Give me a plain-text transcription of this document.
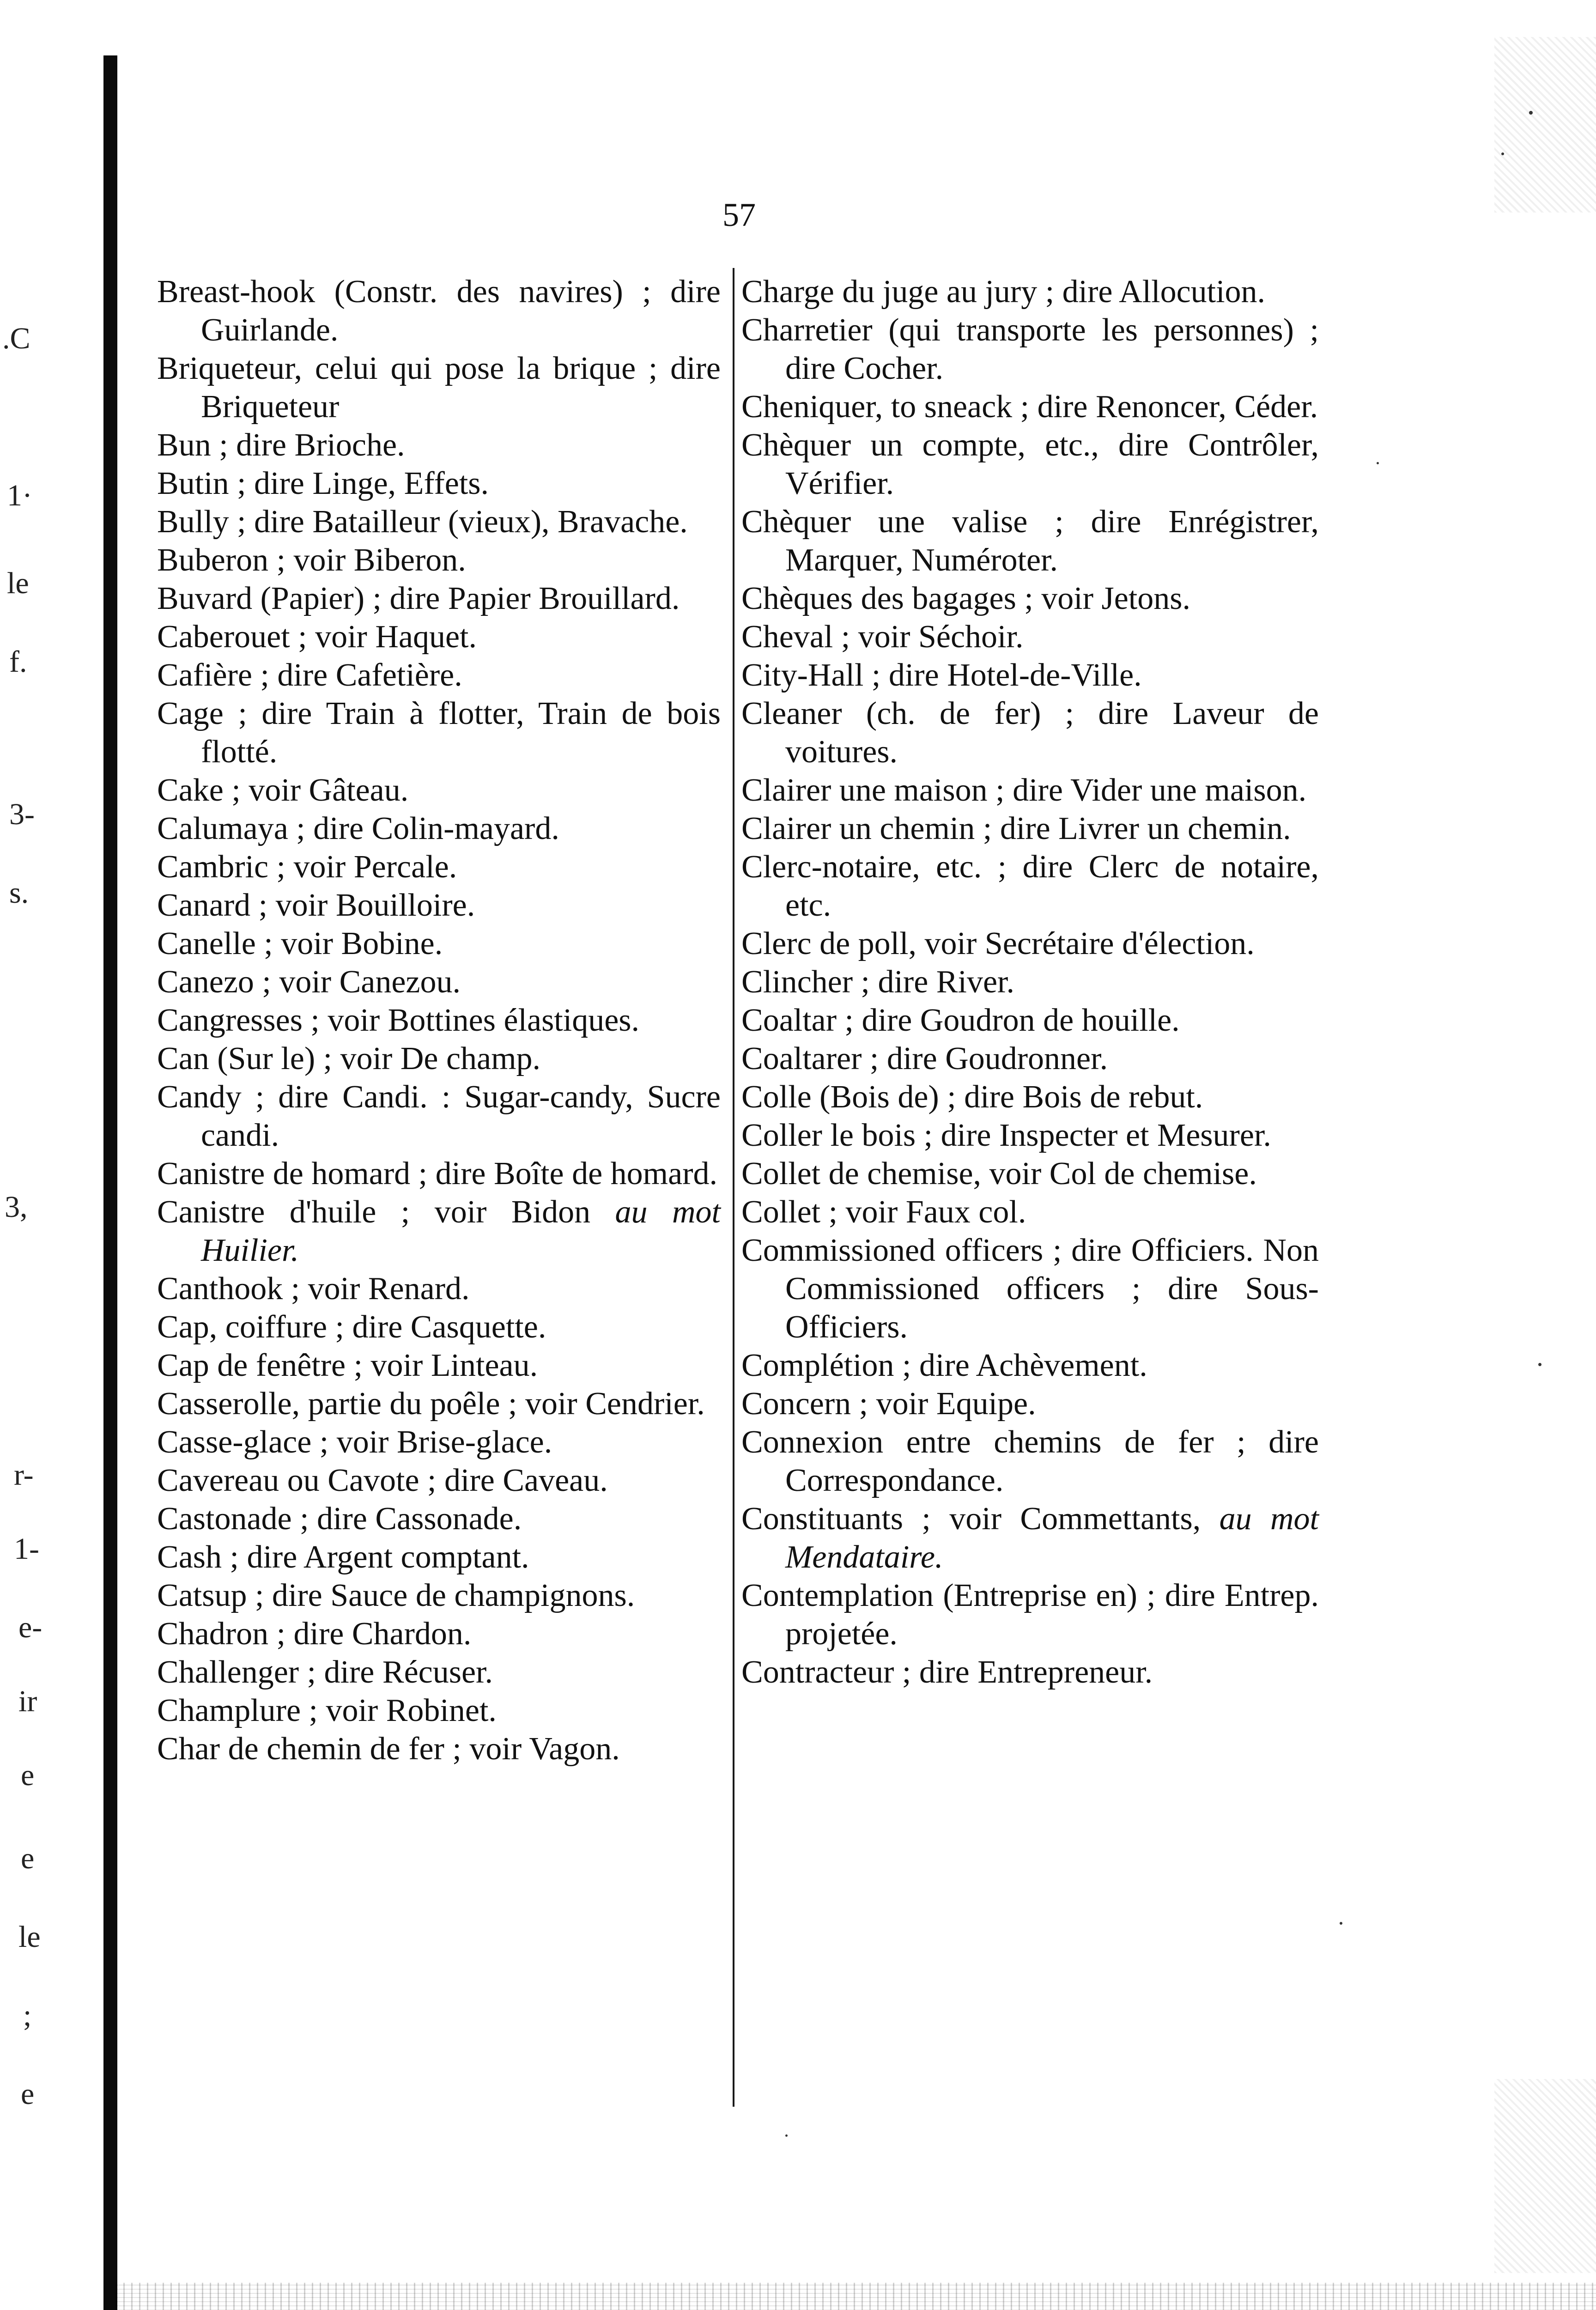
.C
1·
le
f.
3-
s.
3,
r-
1-
e-
ir
e
e
le
;
e
57
Breast-hook (Constr. des navires) ; dire Guirlande.
Briqueteur, celui qui pose la brique ; dire Briqueteur
Bun ; dire Brioche.
Butin ; dire Linge, Effets.
Bully ; dire Batailleur (vieux), Bravache.
Buberon ; voir Biberon.
Buvard (Papier) ; dire Papier Brouillard.
Caberouet ; voir Haquet.
Cafière ; dire Cafetière.
Cage ; dire Train à flotter, Train de bois flotté.
Cake ; voir Gâteau.
Calumaya ; dire Colin-mayard.
Cambric ; voir Percale.
Canard ; voir Bouilloire.
Canelle ; voir Bobine.
Canezo ; voir Canezou.
Cangresses ; voir Bottines élastiques.
Can (Sur le) ; voir De champ.
Candy ; dire Candi. : Sugar-candy, Sucre candi.
Canistre de homard ; dire Boîte de homard.
Canistre d'huile ; voir Bidon au mot Huilier.
Canthook ; voir Renard.
Cap, coiffure ; dire Casquette.
Cap de fenêtre ; voir Linteau.
Casserolle, partie du poêle ; voir Cendrier.
Casse-glace ; voir Brise-glace.
Cavereau ou Cavote ; dire Caveau.
Castonade ; dire Cassonade.
Cash ; dire Argent comptant.
Catsup ; dire Sauce de champignons.
Chadron ; dire Chardon.
Challenger ; dire Récuser.
Champlure ; voir Robinet.
Char de chemin de fer ; voir Vagon.
Charge du juge au jury ; dire Allocution.
Charretier (qui transporte les personnes) ; dire Cocher.
Cheniquer, to sneack ; dire Renoncer, Céder.
Chèquer un compte, etc., dire Contrôler, Vérifier.
Chèquer une valise ; dire Enrégistrer, Marquer, Numéroter.
Chèques des bagages ; voir Jetons.
Cheval ; voir Séchoir.
City-Hall ; dire Hotel-de-Ville.
Cleaner (ch. de fer) ; dire Laveur de voitures.
Clairer une maison ; dire Vider une maison.
Clairer un chemin ; dire Livrer un chemin.
Clerc-notaire, etc. ; dire Clerc de notaire, etc.
Clerc de poll, voir Secrétaire d'élection.
Clincher ; dire River.
Coaltar ; dire Goudron de houille.
Coaltarer ; dire Goudronner.
Colle (Bois de) ; dire Bois de rebut.
Coller le bois ; dire Inspecter et Mesurer.
Collet de chemise, voir Col de chemise.
Collet ; voir Faux col.
Commissioned officers ; dire Officiers. Non Commissioned officers ; dire Sous-Officiers.
Complétion ; dire Achèvement.
Concern ; voir Equipe.
Connexion entre chemins de fer ; dire Correspondance.
Constituants ; voir Commettants, au mot Mendataire.
Contemplation (Entreprise en) ; dire Entrep. projetée.
Contracteur ; dire Entrepreneur.
